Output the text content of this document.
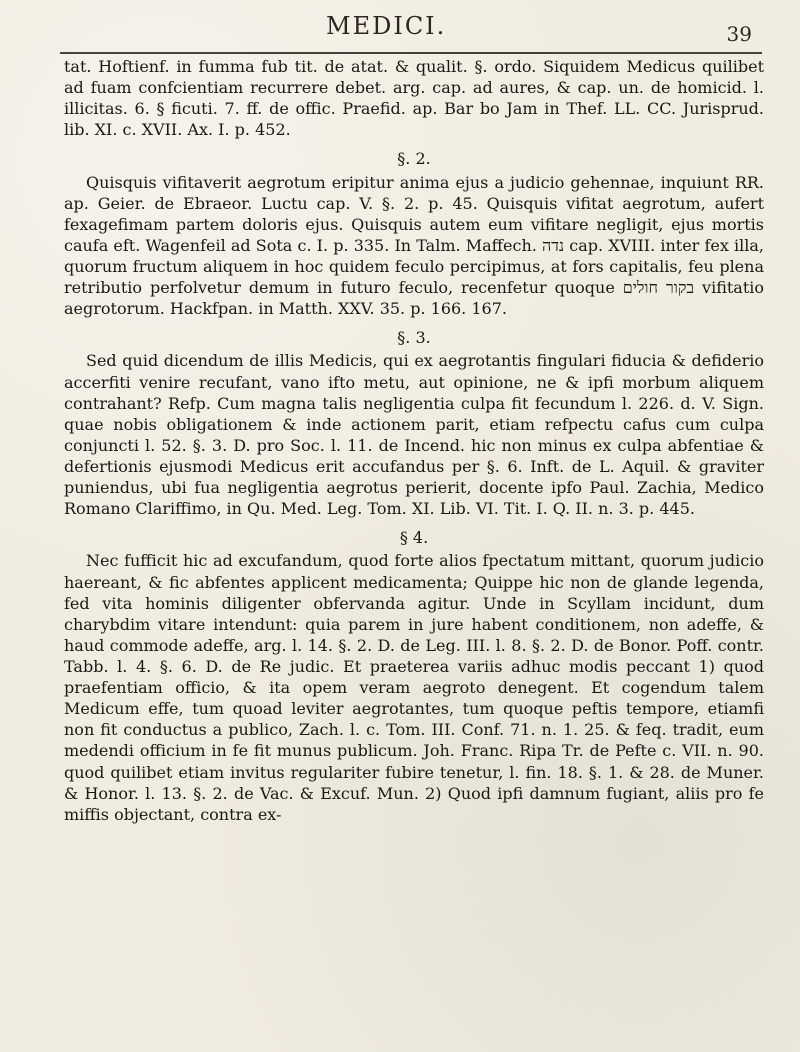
MEDICI.	39

tat. Hoftienf. in fumma fub tit. de atat. & qualit. §. ordo. Siquidem Medicus quilibet ad fuam confcientiam recurrere debet. arg. cap. ad aures, & cap. un. de homicid. l. illicitas. 6. § ficuti. 7. ff. de offic. Praefid. ap. Bar bo Jam in Thef. LL. CC. Jurisprud. lib. XI. c. XVII. Ax. I. p. 452.

§. 2.

Quisquis vifitaverit aegrotum eripitur anima ejus a judicio gehennae, inquiunt RR. ap. Geier. de Ebraeor. Luctu cap. V. §. 2. p. 45. Quisquis vifitat aegrotum, aufert fexagefimam partem doloris ejus. Quisquis autem eum vifitare negligit, ejus mortis caufa eft. Wagenfeil ad Sota c. I. p. 335. In Talm. Maffech. נדה cap. XVIII. inter fex illa, quorum fructum aliquem in hoc quidem feculo percipimus, at fors capitalis, feu plena retributio perfolvetur demum in futuro feculo, recenfetur quoque בקור חולים vifitatio aegrotorum. Hackfpan. in Matth. XXV. 35. p. 166. 167.

§. 3.

Sed quid dicendum de illis Medicis, qui ex aegrotantis fingulari fiducia & defiderio accerfiti venire recufant, vano ifto metu, aut opinione, ne & ipfi morbum aliquem contrahant? Refp. Cum magna talis negligentia culpa fit fecundum l. 226. d. V. Sign. quae nobis obligationem & inde actionem parit, etiam refpectu cafus cum culpa conjuncti l. 52. §. 3. D. pro Soc. l. 11. de Incend. hic non minus ex culpa abfentiae & defertionis ejusmodi Medicus erit accufandus per §. 6. Inft. de L. Aquil. & graviter puniendus, ubi fua negligentia aegrotus perierit, docente ipfo Paul. Zachia, Medico Romano Clariffimo, in Qu. Med. Leg. Tom. XI. Lib. VI. Tit. I. Q. II. n. 3. p. 445.

§ 4.

Nec fufficit hic ad excufandum, quod forte alios fpectatum mittant, quorum judicio haereant, & fic abfentes applicent medicamenta; Quippe hic non de glande legenda, fed vita hominis diligenter obfervanda agitur. Unde in Scyllam incidunt, dum charybdim vitare intendunt: quia parem in jure habent conditionem, non adeffe, & haud commode adeffe, arg. l. 14. §. 2. D. de Leg. III. l. 8. §. 2. D. de Bonor. Poff. contr. Tabb. l. 4. §. 6. D. de Re judic. Et praeterea variis adhuc modis peccant 1) quod praefentiam officio, & ita opem veram aegroto denegent. Et cogendum talem Medicum effe, tum quoad leviter aegrotantes, tum quoque peftis tempore, etiamfi non fit conductus a publico, Zach. l. c. Tom. III. Conf. 71. n. 1. 25. & feq. tradit, eum medendi officium in fe fit munus publicum. Joh. Franc. Ripa Tr. de Pefte c. VII. n. 90. quod quilibet etiam invitus regulariter fubire tenetur, l. fin. 18. §. 1. & 28. de Muner. & Honor. l. 13. §. 2. de Vac. & Excuf. Mun. 2) Quod ipfi damnum fugiant, aliis pro fe miffis objectant, contra ex-
